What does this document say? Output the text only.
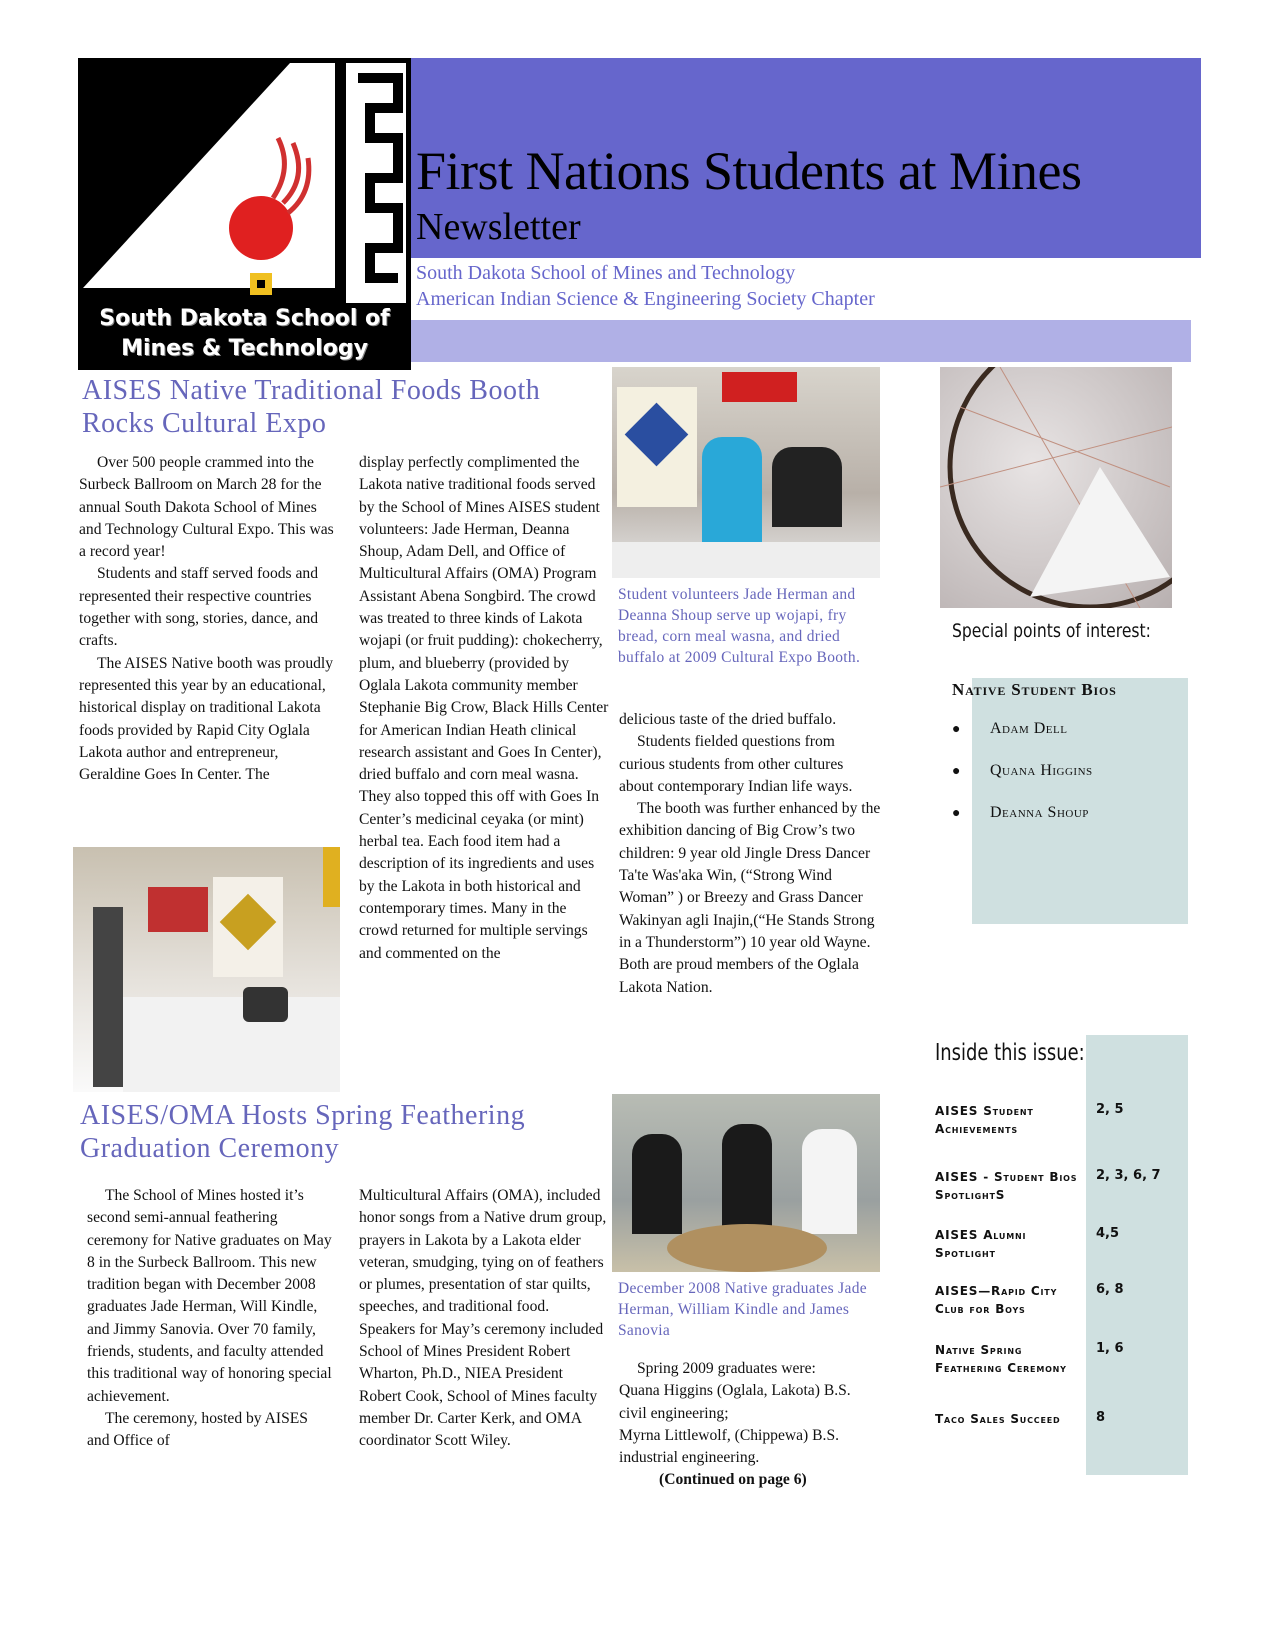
South Dakota School of Mines & Technology
First Nations Students at Mines
Newsletter
South Dakota School of Mines and Technology
American Indian Science & Engineering Society Chapter
AISES Native Traditional Foods Booth Rocks Cultural Expo

Over 500 people crammed into the Surbeck Ballroom on March 28 for the annual South Dakota School of Mines and Technology Cultural Expo. This was a record year!

Students and staff served foods and represented their respective countries together with song, stories, dance, and crafts.

The AISES Native booth was proudly represented this year by an educational, historical display on traditional Lakota foods provided by Rapid City Oglala Lakota author and entrepreneur, Geraldine Goes In Center. The

display perfectly complimented the Lakota native traditional foods served by the School of Mines AISES student volunteers: Jade Herman, Deanna Shoup, Adam Dell, and Office of Multicultural Affairs (OMA) Program Assistant Abena Songbird. The crowd was treated to three kinds of Lakota wojapi (or fruit pudding): chokecherry, plum, and blueberry (provided by Oglala Lakota community member Stephanie Big Crow, Black Hills Center for American Indian Heath clinical research assistant and Goes In Center), dried buffalo and corn meal wasna. They also topped this off with Goes In Center’s medicinal ceyaka (or mint) herbal tea. Each food item had a description of its ingredients and uses by the Lakota in both historical and contemporary times. Many in the crowd returned for multiple servings and commented on the

Student volunteers Jade Herman and Deanna Shoup serve up wojapi, fry bread, corn meal wasna, and dried buffalo at 2009 Cultural Expo Booth.

delicious taste of the dried buffalo.

Students fielded questions from curious students from other cultures about contemporary Indian life ways.

The booth was further enhanced by the exhibition dancing of Big Crow’s two children: 9 year old Jingle Dress Dancer Ta'te Was'aka Win, (“Strong Wind Woman” ) or Breezy and Grass Dancer Wakinyan agli Inajin,(“He Stands Strong in a Thunderstorm”) 10 year old Wayne. Both are proud members of the Oglala Lakota Nation.

AISES/OMA Hosts Spring Feathering Graduation Ceremony

The School of Mines hosted it’s second semi-annual feathering ceremony for Native graduates on May 8 in the Surbeck Ballroom. This new tradition began with December 2008 graduates Jade Herman, Will Kindle, and Jimmy Sanovia. Over 70 family, friends, students, and faculty attended this traditional way of honoring special achievement.

The ceremony, hosted by AISES and Office of

Multicultural Affairs (OMA), included honor songs from a Native drum group, prayers in Lakota by a Lakota elder veteran, smudging, tying on of feathers or plumes, presentation of star quilts, speeches, and traditional food. Speakers for May’s ceremony included School of Mines President Robert Wharton, Ph.D., NIEA President Robert Cook, School of Mines faculty member Dr. Carter Kerk, and OMA coordinator Scott Wiley.

December 2008 Native graduates Jade Herman, William Kindle and James Sanovia

Spring 2009 graduates were:

Quana Higgins (Oglala, Lakota) B.S. civil engineering;

Myrna Littlewolf, (Chippewa) B.S. industrial engineering.

(Continued on page 6)

Special points of interest:
Native Student Bios
● Adam Dell
● Quana Higgins
● Deanna Shoup
Inside this issue:
AISES Student Achievements
2, 5
AISES - Student Bios SpotlightS
2, 3, 6, 7
AISES Alumni Spotlight
4,5
AISES—Rapid City Club for Boys
6, 8
Native Spring Feathering Ceremony
1, 6
Taco Sales Succeed	8
